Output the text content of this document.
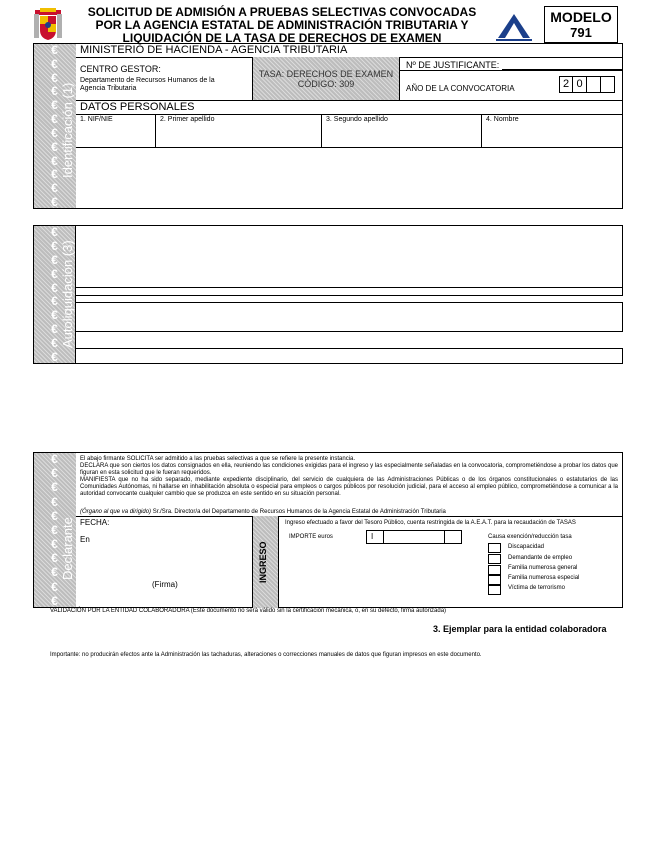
SOLICITUD DE ADMISIÓN A PRUEBAS SELECTIVAS CONVOCADAS POR LA AGENCIA ESTATAL DE ADMINISTRACIÓN TRIBUTARIA Y LIQUIDACIÓN DE LA TASA DE DERECHOS DE EXAMEN
MODELO
791
€
€
€
€
€
€
€
€
€
€
€
€
Identificación (1)
MINISTERIO DE HACIENDA - AGENCIA TRIBUTARIA
CENTRO GESTOR:
Departamento de Recursos Humanos de la Agencia Tributaria
TASA: DERECHOS DE EXAMEN
CÓDIGO: 309
Nº DE JUSTIFICANTE:
AÑO DE LA CONVOCATORIA	2 0
DATOS PERSONALES
1. NIF/NIE	2. Primer apellido	3. Segundo apellido	4. Nombre
€
€
€
€
€
€
€
€
€
€
Autoliquidación (3)
€
€
€
€
€
€
€
€
€
€
€
Declarante
El abajo firmante SOLICITA ser admitido a las pruebas selectivas a que se refiere la presente instancia.
DECLARA que son ciertos los datos consignados en ella, reuniendo las condiciones exigidas para el ingreso y las especialmente señaladas en la convocatoria, comprometiéndose a probar los datos que figuran en esta solicitud que le fueran requeridos.
MANIFIESTA que no ha sido separado, mediante expediente disciplinario, del servicio de cualquiera de las Administraciones Públicas o de los órganos constitucionales o estatutarios de las Comunidades Autónomas, ni hallarse en inhabilitación absoluta o especial para empleos o cargos públicos por resolución judicial, para el acceso al empleo público, comprometiéndose a comunicar a la autoridad convocante cualquier cambio que se produzca en este sentido en su situación personal.
(Órgano al que va dirigido) Sr./Sra. Director/a del Departamento de Recursos Humanos de la Agencia Estatal de Administración Tributaria
FECHA:
En
(Firma)
INGRESO
Ingreso efectuado a favor del Tesoro Público, cuenta restringida de la A.E.A.T. para la recaudación de TASAS
IMPORTE euros	I	Causa exención/reducción tasa
Discapacidad
Demandante de empleo
Familia numerosa general
Familia numerosa especial
Víctima de terrorismo
VALIDACIÓN POR LA ENTIDAD COLABORADORA (Este documento no será válido sin la certificación mecánica, o, en su defecto, firma autorizada)
3. Ejemplar para la entidad colaboradora
Importante: no producirán efectos ante la Administración las tachaduras, alteraciones o correcciones manuales de datos que figuran impresos en este documento.
